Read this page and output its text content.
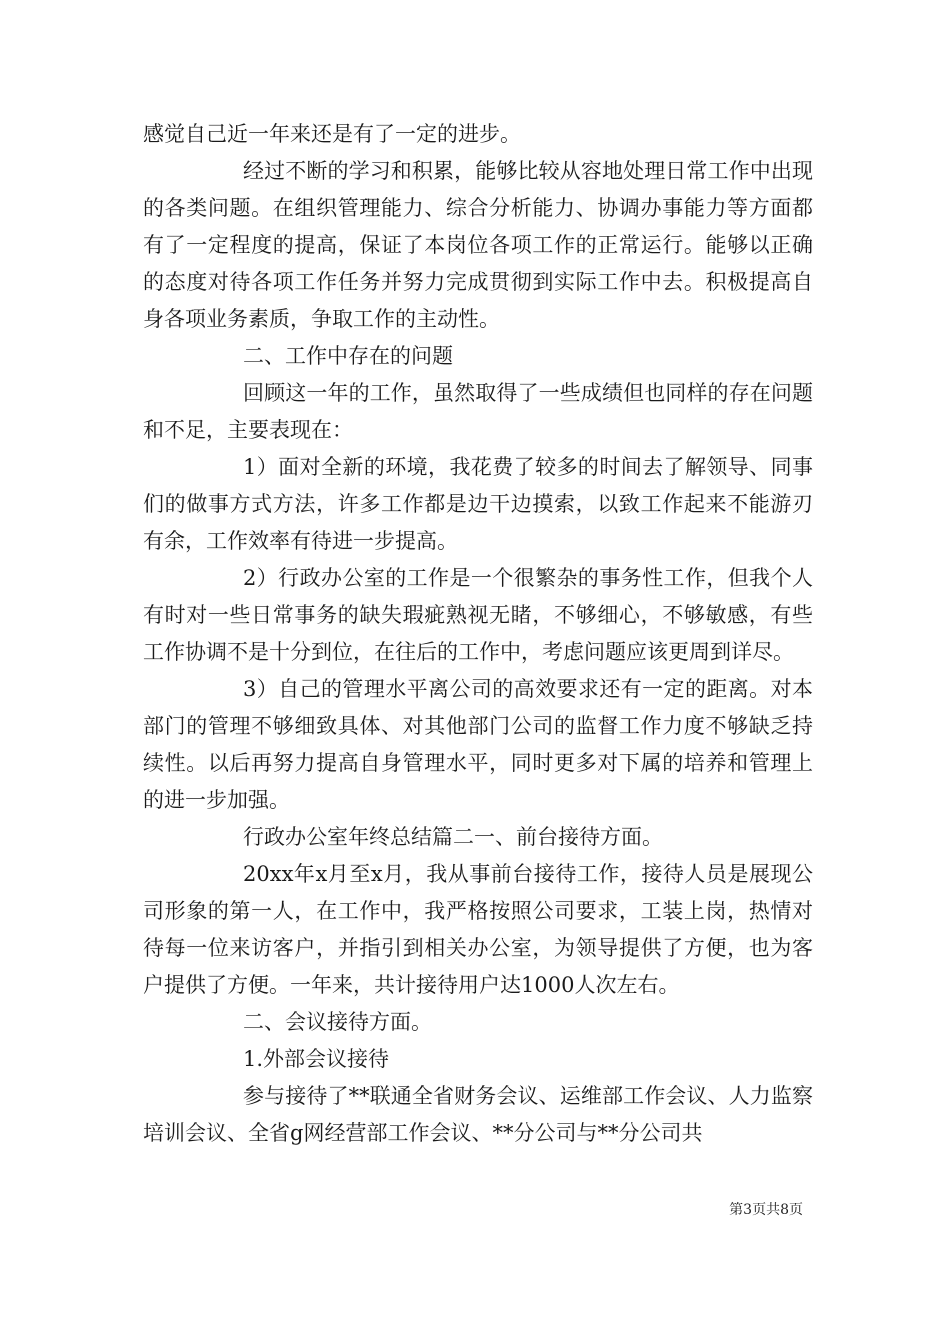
感觉自己近一年来还是有了一定的进步。

经过不断的学习和积累，能够比较从容地处理日常工作中出现的各类问题。在组织管理能力、综合分析能力、协调办事能力等方面都有了一定程度的提高，保证了本岗位各项工作的正常运行。能够以正确的态度对待各项工作任务并努力完成贯彻到实际工作中去。积极提高自身各项业务素质，争取工作的主动性。

二、工作中存在的问题

回顾这一年的工作，虽然取得了一些成绩但也同样的存在问题和不足，主要表现在：

1）面对全新的环境，我花费了较多的时间去了解领导、同事们的做事方式方法，许多工作都是边干边摸索，以致工作起来不能游刃有余，工作效率有待进一步提高。

2）行政办公室的工作是一个很繁杂的事务性工作，但我个人有时对一些日常事务的缺失瑕疵熟视无睹，不够细心，不够敏感，有些工作协调不是十分到位，在往后的工作中，考虑问题应该更周到详尽。

3）自己的管理水平离公司的高效要求还有一定的距离。对本部门的管理不够细致具体、对其他部门公司的监督工作力度不够缺乏持续性。以后再努力提高自身管理水平，同时更多对下属的培养和管理上的进一步加强。

行政办公室年终总结篇二一、前台接待方面。

20xx年x月至x月，我从事前台接待工作，接待人员是展现公司形象的第一人，在工作中，我严格按照公司要求，工装上岗，热情对待每一位来访客户，并指引到相关办公室，为领导提供了方便，也为客户提供了方便。一年来，共计接待用户达1000人次左右。

二、会议接待方面。

1.外部会议接待

参与接待了**联通全省财务会议、运维部工作会议、人力监察培训会议、全省g网经营部工作会议、**分公司与**分公司共

第3页共8页
